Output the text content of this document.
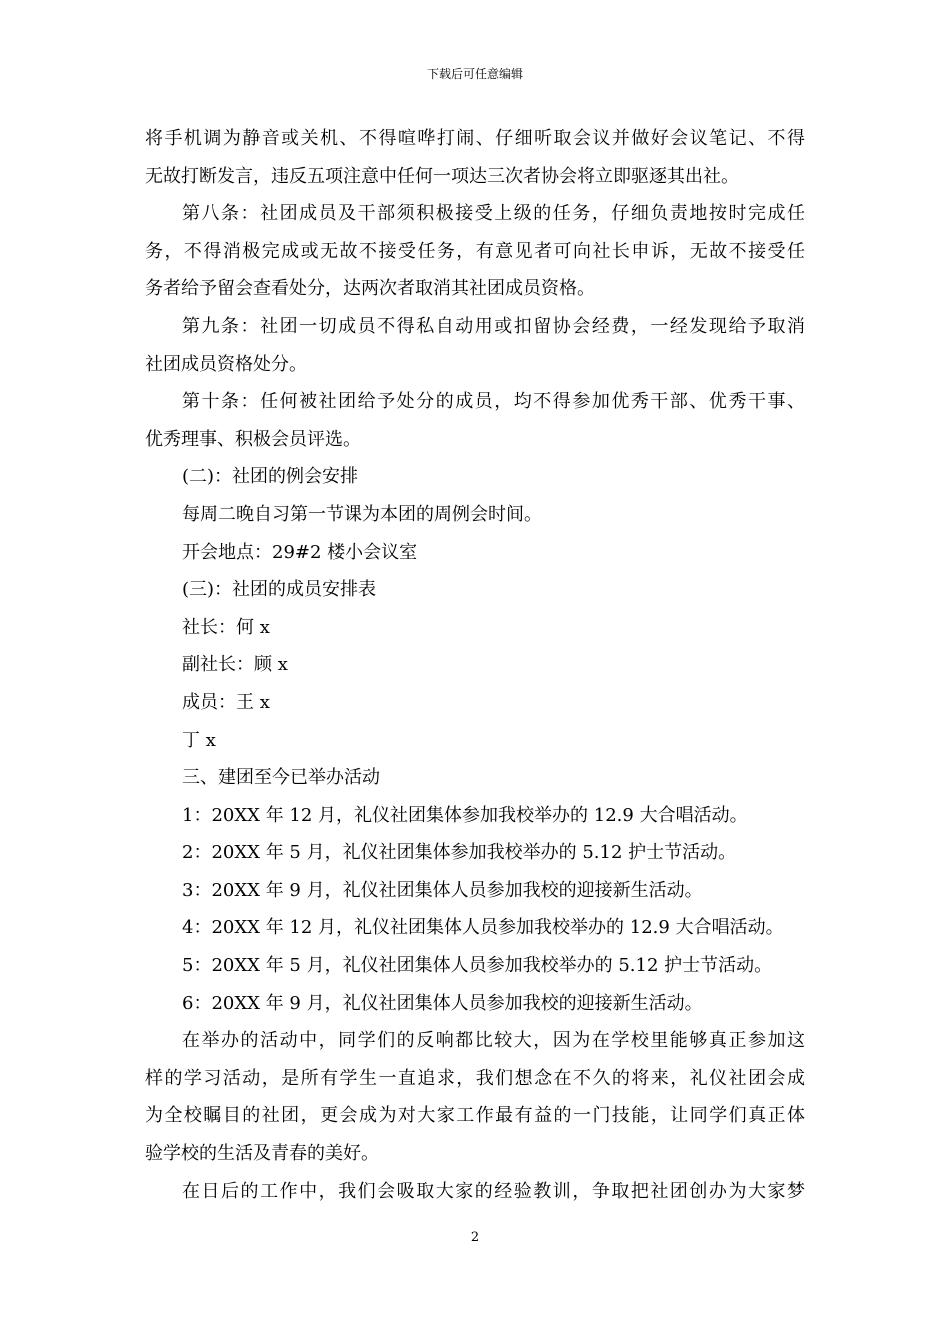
下载后可任意编辑
将手机调为静音或关机、不得喧哗打闹、仔细听取会议并做好会议笔记、不得
无故打断发言，违反五项注意中任何一项达三次者协会将立即驱逐其出社。
第八条：社团成员及干部须积极接受上级的任务，仔细负责地按时完成任
务，不得消极完成或无故不接受任务，有意见者可向社长申诉，无故不接受任
务者给予留会查看处分，达两次者取消其社团成员资格。
第九条：社团一切成员不得私自动用或扣留协会经费，一经发现给予取消
社团成员资格处分。
第十条：任何被社团给予处分的成员，均不得参加优秀干部、优秀干事、
优秀理事、积极会员评选。
(二)：社团的例会安排
每周二晚自习第一节课为本团的周例会时间。
开会地点：29#2 楼小会议室
(三)：社团的成员安排表
社长：何 x
副社长：顾 x
成员：王 x
丁 x
三、建团至今已举办活动
1：20XX 年 12 月，礼仪社团集体参加我校举办的 12.9 大合唱活动。
2：20XX 年 5 月，礼仪社团集体参加我校举办的 5.12 护士节活动。
3：20XX 年 9 月，礼仪社团集体人员参加我校的迎接新生活动。
4：20XX 年 12 月，礼仪社团集体人员参加我校举办的 12.9 大合唱活动。
5：20XX 年 5 月，礼仪社团集体人员参加我校举办的 5.12 护士节活动。
6：20XX 年 9 月，礼仪社团集体人员参加我校的迎接新生活动。
在举办的活动中，同学们的反响都比较大，因为在学校里能够真正参加这
样的学习活动，是所有学生一直追求，我们想念在不久的将来，礼仪社团会成
为全校瞩目的社团，更会成为对大家工作最有益的一门技能，让同学们真正体
验学校的生活及青春的美好。
在日后的工作中，我们会吸取大家的经验教训，争取把社团创办为大家梦
2
